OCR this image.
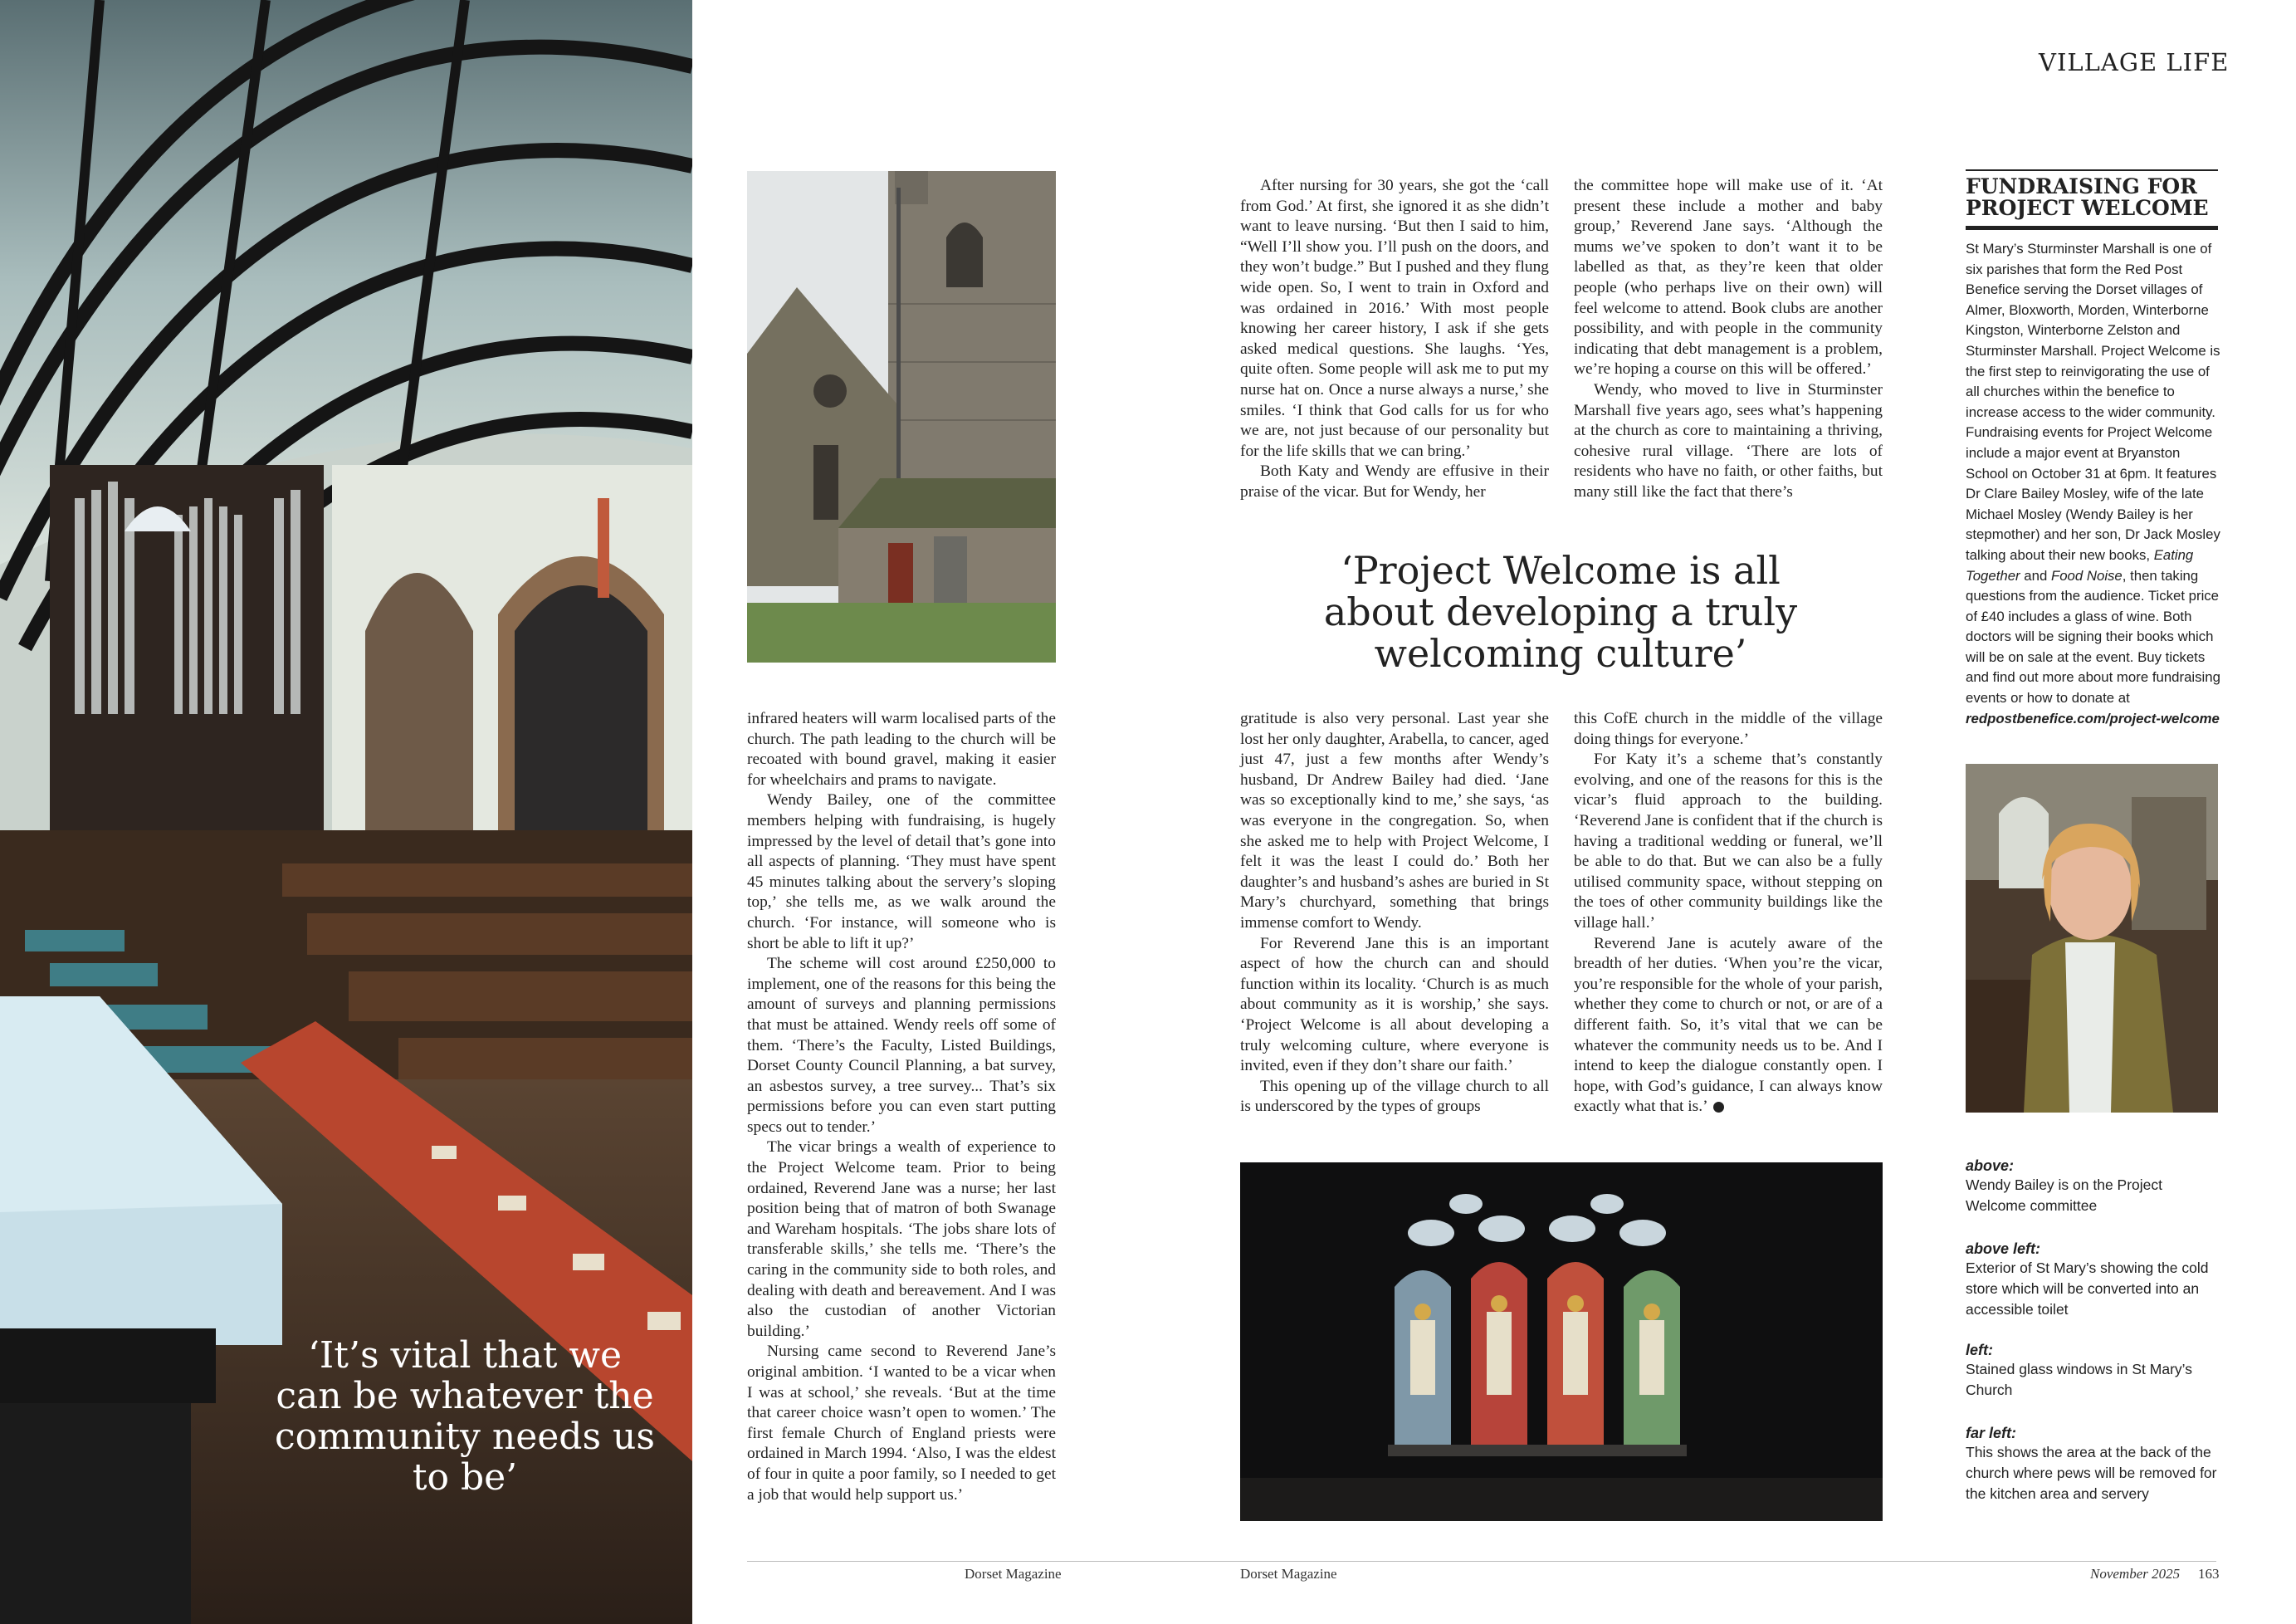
‘It’s vital that we can be whatever the community needs us to be’
VILLAGE LIFE

infrared heaters will warm localised parts of the church. The path leading to the church will be recoated with bound gravel, making it easier for wheelchairs and prams to navigate.

Wendy Bailey, one of the committee members helping with fundraising, is hugely impressed by the level of detail that’s gone into all aspects of planning. ‘They must have spent 45 minutes talking about the servery’s sloping top,’ she tells me, as we walk around the church. ‘For instance, will someone who is short be able to lift it up?’

The scheme will cost around £250,000 to implement, one of the reasons for this being the amount of surveys and planning permissions that must be attained. Wendy reels off some of them. ‘There’s the Faculty, Listed Buildings, Dorset County Council Planning, a bat survey, an asbestos survey, a tree survey... That’s six permissions before you can even start putting specs out to tender.’

The vicar brings a wealth of experience to the Project Welcome team. Prior to being ordained, Reverend Jane was a nurse; her last position being that of matron of both Swanage and Wareham hospitals. ‘The jobs share lots of transferable skills,’ she tells me. ‘There’s the caring in the community side to both roles, and dealing with death and bereavement. And I was also the custodian of another Victorian building.’

Nursing came second to Reverend Jane’s original ambition. ‘I wanted to be a vicar when I was at school,’ she reveals. ‘But at the time that career choice wasn’t open to women.’ The first female Church of England priests were ordained in March 1994. ‘Also, I was the eldest of four in quite a poor family, so I needed to get a job that would help support us.’

After nursing for 30 years, she got the ‘call from God.’ At first, she ignored it as she didn’t want to leave nursing. ‘But then I said to him, “Well I’ll show you. I’ll push on the doors, and they won’t budge.” But I pushed and they flung wide open. So, I went to train in Oxford and was ordained in 2016.’ With most people knowing her career history, I ask if she gets asked medical questions. She laughs. ‘Yes, quite often. Some people will ask me to put my nurse hat on. Once a nurse always a nurse,’ she smiles. ‘I think that God calls for us for who we are, not just because of our personality but for the life skills that we can bring.’

Both Katy and Wendy are effusive in their praise of the vicar. But for Wendy, her

the committee hope will make use of it. ‘At present these include a mother and baby group,’ Reverend Jane says. ‘Although the mums we’ve spoken to don’t want it to be labelled as that, as they’re keen that older people (who perhaps live on their own) will feel welcome to attend. Book clubs are another possibility, and with people in the community indicating that debt management is a problem, we’re hoping a course on this will be offered.’

Wendy, who moved to live in Sturminster Marshall five years ago, sees what’s happening at the church as core to maintaining a thriving, cohesive rural village. ‘There are lots of residents who have no faith, or other faiths, but many still like the fact that there’s

‘Project Welcome is all about developing a truly welcoming culture’

gratitude is also very personal. Last year she lost her only daughter, Arabella, to cancer, aged just 47, just a few months after Wendy’s husband, Dr Andrew Bailey had died. ‘Jane was so exceptionally kind to me,’ she says, ‘as was everyone in the congregation. So, when she asked me to help with Project Welcome, I felt it was the least I could do.’ Both her daughter’s and husband’s ashes are buried in St Mary’s churchyard, something that brings immense comfort to Wendy.

For Reverend Jane this is an important aspect of how the church can and should function within its locality. ‘Church is as much about community as it is worship,’ she says. ‘Project Welcome is all about developing a truly welcoming culture, where everyone is invited, even if they don’t share our faith.’

This opening up of the village church to all is underscored by the types of groups

this CofE church in the middle of the village doing things for everyone.’

For Katy it’s a scheme that’s constantly evolving, and one of the reasons for this is the vicar’s fluid approach to the building. ‘Reverend Jane is confident that if the church is having a traditional wedding or funeral, we’ll be able to do that. But we can also be a fully utilised community space, without stepping on the toes of other community buildings like the village hall.’

Reverend Jane is acutely aware of the breadth of her duties. ‘When you’re the vicar, you’re responsible for the whole of your parish, whether they come to church or not, or are of a different faith. So, it’s vital that we can be whatever the community needs us to be. And I intend to keep the dialogue constantly open. I hope, with God’s guidance, I can always know exactly what that is.’

FUNDRAISING FOR
PROJECT WELCOME
St Mary’s Sturminster Marshall is one of six parishes that form the Red Post Benefice serving the Dorset villages of Almer, Bloxworth, Morden, Winterborne Kingston, Winterborne Zelston and Sturminster Marshall. Project Welcome is the first step to reinvigorating the use of all churches within the benefice to increase access to the wider community. Fundraising events for Project Welcome include a major event at Bryanston School on October 31 at 6pm. It features Dr Clare Bailey Mosley, wife of the late Michael Mosley (Wendy Bailey is her stepmother) and her son, Dr Jack Mosley talking about their new books, Eating Together and Food Noise, then taking questions from the audience. Ticket price of £40 includes a glass of wine. Both doctors will be signing their books which will be on sale at the event. Buy tickets and find out more about more fundraising events or how to donate at redpostbenefice.com/project-welcome
above:
Wendy Bailey is on the Project Welcome committee
above left:
Exterior of St Mary’s showing the cold store which will be converted into an accessible toilet
left:
Stained glass windows in St Mary’s Church
far left:
This shows the area at the back of the church where pews will be removed for the kitchen area and servery
Dorset Magazine	Dorset Magazine	November 2025 163
